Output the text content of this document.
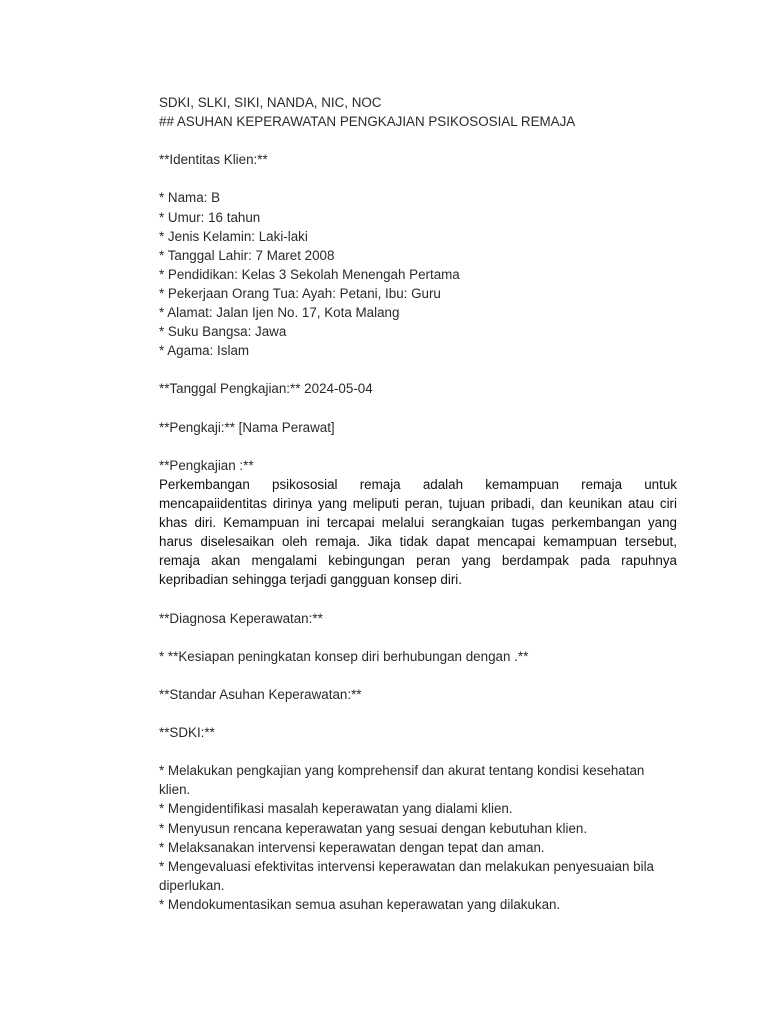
SDKI, SLKI, SIKI, NANDA, NIC, NOC
## ASUHAN KEPERAWATAN PENGKAJIAN PSIKOSOSIAL REMAJA
**Identitas Klien:**
* Nama: B
* Umur: 16 tahun
* Jenis Kelamin: Laki-laki
* Tanggal Lahir: 7 Maret 2008
* Pendidikan: Kelas 3 Sekolah Menengah Pertama
* Pekerjaan Orang Tua: Ayah: Petani, Ibu: Guru
* Alamat: Jalan Ijen No. 17, Kota Malang
* Suku Bangsa: Jawa
* Agama: Islam
**Tanggal Pengkajian:** 2024-05-04
**Pengkaji:** [Nama Perawat]
**Pengkajian :**
Perkembangan psikososial remaja adalah kemampuan remaja untuk mencapaiidentitas dirinya yang meliputi peran, tujuan pribadi, dan keunikan atau ciri khas diri. Kemampuan ini tercapai melalui serangkaian tugas perkembangan yang harus diselesaikan oleh remaja. Jika tidak dapat mencapai kemampuan tersebut, remaja akan mengalami kebingungan peran yang berdampak pada rapuhnya kepribadian sehingga terjadi gangguan konsep diri.
**Diagnosa Keperawatan:**
* **Kesiapan peningkatan konsep diri berhubungan dengan .**
**Standar Asuhan Keperawatan:**
**SDKI:**
* Melakukan pengkajian yang komprehensif dan akurat tentang kondisi kesehatan klien.
* Mengidentifikasi masalah keperawatan yang dialami klien.
* Menyusun rencana keperawatan yang sesuai dengan kebutuhan klien.
* Melaksanakan intervensi keperawatan dengan tepat dan aman.
* Mengevaluasi efektivitas intervensi keperawatan dan melakukan penyesuaian bila diperlukan.
* Mendokumentasikan semua asuhan keperawatan yang dilakukan.
